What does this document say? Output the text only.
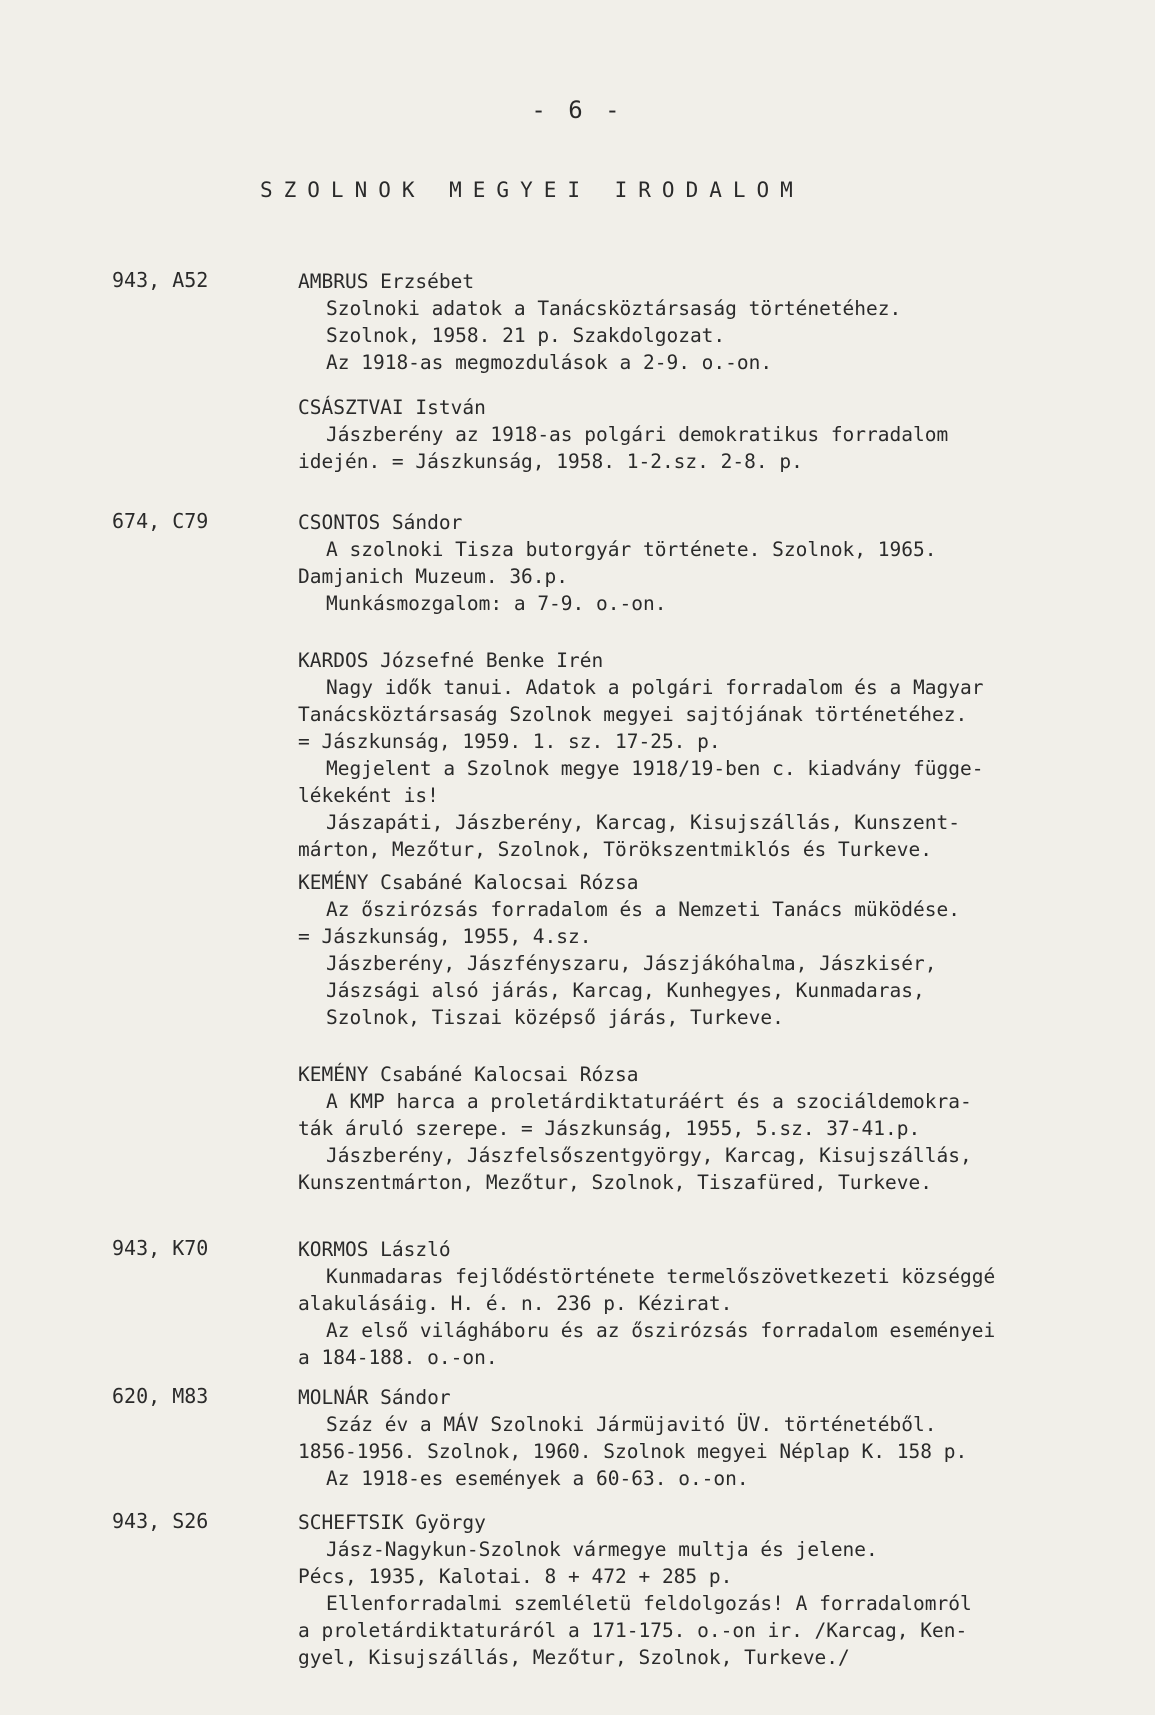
- 6 -
SZOLNOK MEGYEI IRODALOM
943, A52	AMBRUS Erzsébet
Szolnoki adatok a Tanácsköztársaság történetéhez.
Szolnok, 1958. 21 p. Szakdolgozat.
Az 1918-as megmozdulások a 2-9. o.-on.
CSÁSZTVAI István
Jászberény az 1918-as polgári demokratikus forradalom
idején. = Jászkunság, 1958. 1-2.sz. 2-8. p.
674, C79	CSONTOS Sándor
A szolnoki Tisza butorgyár története. Szolnok, 1965.
Damjanich Muzeum. 36.p.
Munkásmozgalom: a 7-9. o.-on.
KARDOS Józsefné Benke Irén
Nagy idők tanui. Adatok a polgári forradalom és a Magyar
Tanácsköztársaság Szolnok megyei sajtójának történetéhez.
= Jászkunság, 1959. 1. sz. 17-25. p.
Megjelent a Szolnok megye 1918/19-ben c. kiadvány függe-
lékeként is!
Jászapáti, Jászberény, Karcag, Kisujszállás, Kunszent-
márton, Mezőtur, Szolnok, Törökszentmiklós és Turkeve.
KEMÉNY Csabáné Kalocsai Rózsa
Az őszirózsás forradalom és a Nemzeti Tanács müködése.
= Jászkunság, 1955, 4.sz.
Jászberény, Jászfényszaru, Jászjákóhalma, Jászkisér,
Jászsági alsó járás, Karcag, Kunhegyes, Kunmadaras,
Szolnok, Tiszai középső járás, Turkeve.
KEMÉNY Csabáné Kalocsai Rózsa
A KMP harca a proletárdiktaturáért és a szociáldemokra-
ták áruló szerepe. = Jászkunság, 1955, 5.sz. 37-41.p.
Jászberény, Jászfelsőszentgyörgy, Karcag, Kisujszállás,
Kunszentmárton, Mezőtur, Szolnok, Tiszafüred, Turkeve.
943, K70	KORMOS László
Kunmadaras fejlődéstörténete termelőszövetkezeti községgé
alakulásáig. H. é. n. 236 p. Kézirat.
Az első világháboru és az őszirózsás forradalom eseményei
a 184-188. o.-on.
620, M83	MOLNÁR Sándor
Száz év a MÁV Szolnoki Jármüjavitó ÜV. történetéből.
1856-1956. Szolnok, 1960. Szolnok megyei Néplap K. 158 p.
Az 1918-es események a 60-63. o.-on.
943, S26	SCHEFTSIK György
Jász-Nagykun-Szolnok vármegye multja és jelene.
Pécs, 1935, Kalotai. 8 + 472 + 285 p.
Ellenforradalmi szemléletü feldolgozás! A forradalomról
a proletárdiktaturáról a 171-175. o.-on ir. /Karcag, Ken-
gyel, Kisujszállás, Mezőtur, Szolnok, Turkeve./
